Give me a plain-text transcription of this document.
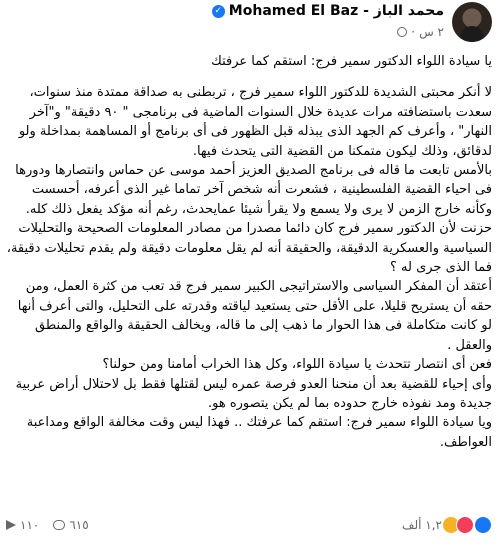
محمد الباز - Mohamed El Baz
✓
٢ س
·

يا سيادة اللواء الدكتور سمير فرج: استقم كما عرفتك

لا أنكر محبتى الشديدة للدكتور اللواء سمير فرج ، تربطنى به صداقة ممتدة منذ سنوات، سعدت باستضافته مرات عديدة خلال السنوات الماضية فى برنامجى " ٩٠ دقيقة" و"آخر النهار" ، وأعرف كم الجهد الذى يبذله قبل الظهور فى أى برنامج أو المساهمة بمداخلة ولو لدقائق، وذلك ليكون متمكنا من القضية التى يتحدث فيها.

بالأمس تابعت ما قاله فى برنامج الصديق العزيز أحمد موسى عن حماس وانتصارها ودورها فى احياء القضية الفلسطينية ، فشعرت أنه شخص آخر تماما غير الذى أعرفه، أحسست وكأنه خارج الزمن لا يرى ولا يسمع ولا يقرأ شيئا عمايحدث، رغم أنه مؤكد يفعل ذلك كله.

حزنت لأن الدكتور سمير فرج كان دائما مصدرا من مصادر المعلومات الصحيحة والتحليلات السياسية والعسكرية الدقيقة، والحقيقة أنه لم يقل معلومات دقيقة ولم يقدم تحليلات دقيقة، فما الذى جرى له ؟

أعتقد أن المفكر السياسى والاستراتيجى الكبير سمير فرج قد تعب من كثرة العمل، ومن حقه أن يستريح قليلا، على الأقل حتى يستعيد لياقته وقدرته على التحليل، والتى أعرف أنها لو كانت متكاملة فى هذا الحوار ما ذهب إلى ما قاله، ويخالف الحقيقة والواقع والمنطق والعقل .

فعن أى انتصار تتحدث يا سيادة اللواء، وكل هذا الخراب أمامنا ومن حولنا؟

وأى إحياء للقضية بعد أن منحنا العدو فرصة عمره ليس لقتلها فقط بل لاحتلال أراض عربية جديدة ومد نفوذه خارج حدوده بما لم يكن يتصوره هو.

ويا سيادة اللواء سمير فرج: استقم كما عرفتك .. فهذا ليس وقت مخالفة الواقع ومداعبة العواطف.

١١٠	٦١٥	١,٢ ألف
